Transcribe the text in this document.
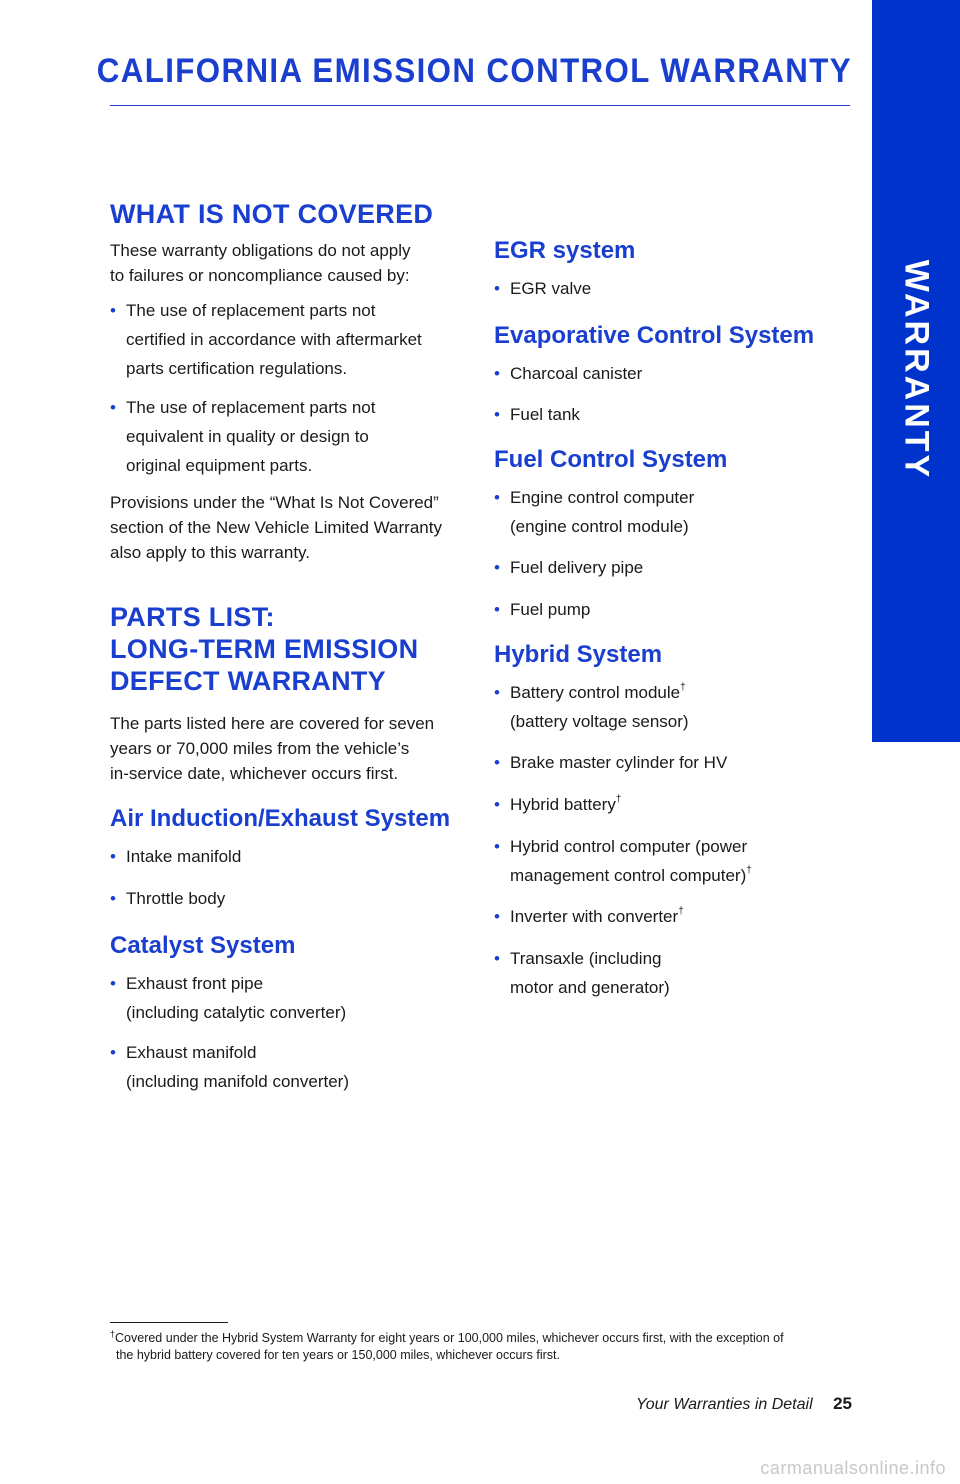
CALIFORNIA EMISSION CONTROL WARRANTY
WARRANTY
WHAT IS NOT COVERED

These warranty obligations do not apply
to failures or noncompliance caused by:

• The use of replacement parts not
certified in accordance with aftermarket
parts certification regulations.
• The use of replacement parts not
equivalent in quality or design to
original equipment parts.

Provisions under the “What Is Not Covered”
section of the New Vehicle Limited Warranty
also apply to this warranty.

PARTS LIST:
LONG-TERM EMISSION
DEFECT WARRANTY

The parts listed here are covered for seven
years or 70,000 miles from the vehicle’s
in-service date, whichever occurs first.

Air Induction/Exhaust System
• Intake manifold
• Throttle body
Catalyst System
• Exhaust front pipe
(including catalytic converter)
• Exhaust manifold
(including manifold converter)
EGR system
• EGR valve
Evaporative Control System
• Charcoal canister
• Fuel tank
Fuel Control System
• Engine control computer
(engine control module)
• Fuel delivery pipe
• Fuel pump
Hybrid System
• Battery control module†
(battery voltage sensor)
• Brake master cylinder for HV
• Hybrid battery†
• Hybrid control computer (power
management control computer)†
• Inverter with converter†
• Transaxle (including
motor and generator)
†Covered under the Hybrid System Warranty for eight years or 100,000 miles, whichever occurs first, with the exception of
the hybrid battery covered for ten years or 150,000 miles, whichever occurs first.
Your Warranties in Detail 25
carmanualsonline.info
